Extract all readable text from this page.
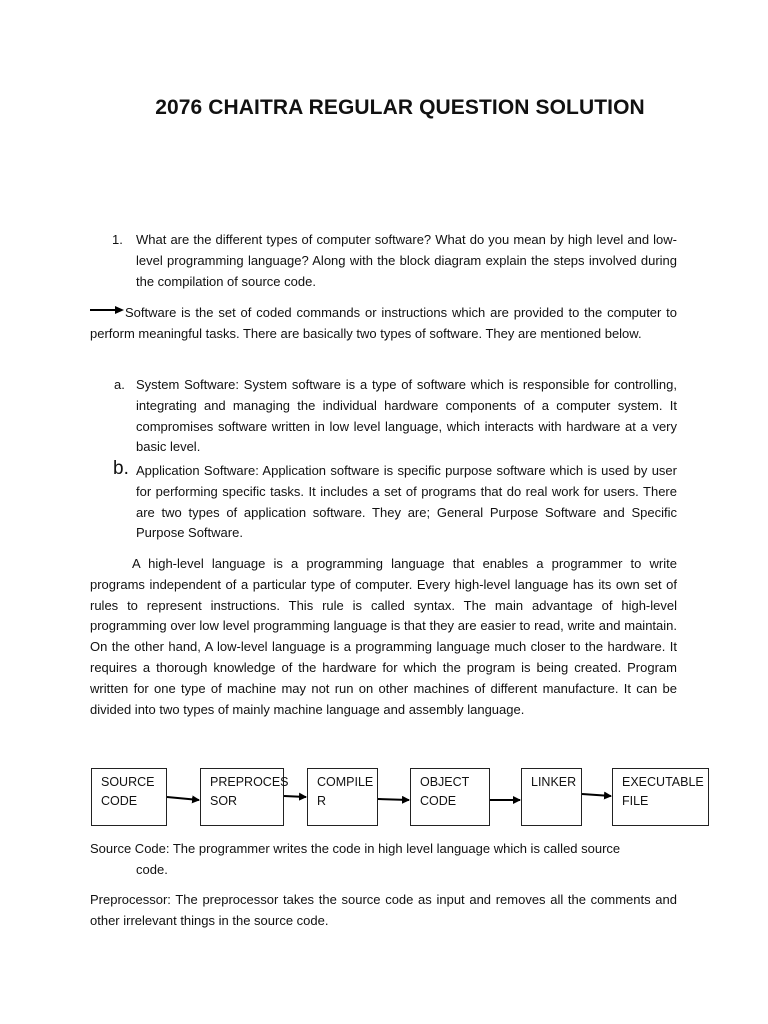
2076 CHAITRA REGULAR QUESTION SOLUTION
1. What are the different types of computer software? What do you mean by high level and low-level programming language? Along with the block diagram explain the steps involved during the compilation of source code.
Software is the set of coded commands or instructions which are provided to the computer to perform meaningful tasks. There are basically two types of software. They are mentioned below.
a. System Software: System software is a type of software which is responsible for controlling, integrating and managing the individual hardware components of a computer system. It compromises software written in low level language, which interacts with hardware at a very basic level.
b. Application Software: Application software is specific purpose software which is used by user for performing specific tasks. It includes a set of programs that do real work for users. There are two types of application software. They are; General Purpose Software and Specific Purpose Software.
A high-level language is a programming language that enables a programmer to write programs independent of a particular type of computer. Every high-level language has its own set of rules to represent instructions. This rule is called syntax. The main advantage of high-level programming over low level programming language is that they are easier to read, write and maintain. On the other hand, A low-level language is a programming language much closer to the hardware. It requires a thorough knowledge of the hardware for which the program is being created. Program written for one type of machine may not run on other machines of different manufacture. It can be divided into two types of mainly machine language and assembly language.
SOURCE
CODE
PREPROCES
SOR
COMPILE
R
OBJECT
CODE
LINKER	EXECUTABLE
FILE
Source Code: The programmer writes the code in high level language which is called source
code.
Preprocessor: The preprocessor takes the source code as input and removes all the comments and other irrelevant things in the source code.
